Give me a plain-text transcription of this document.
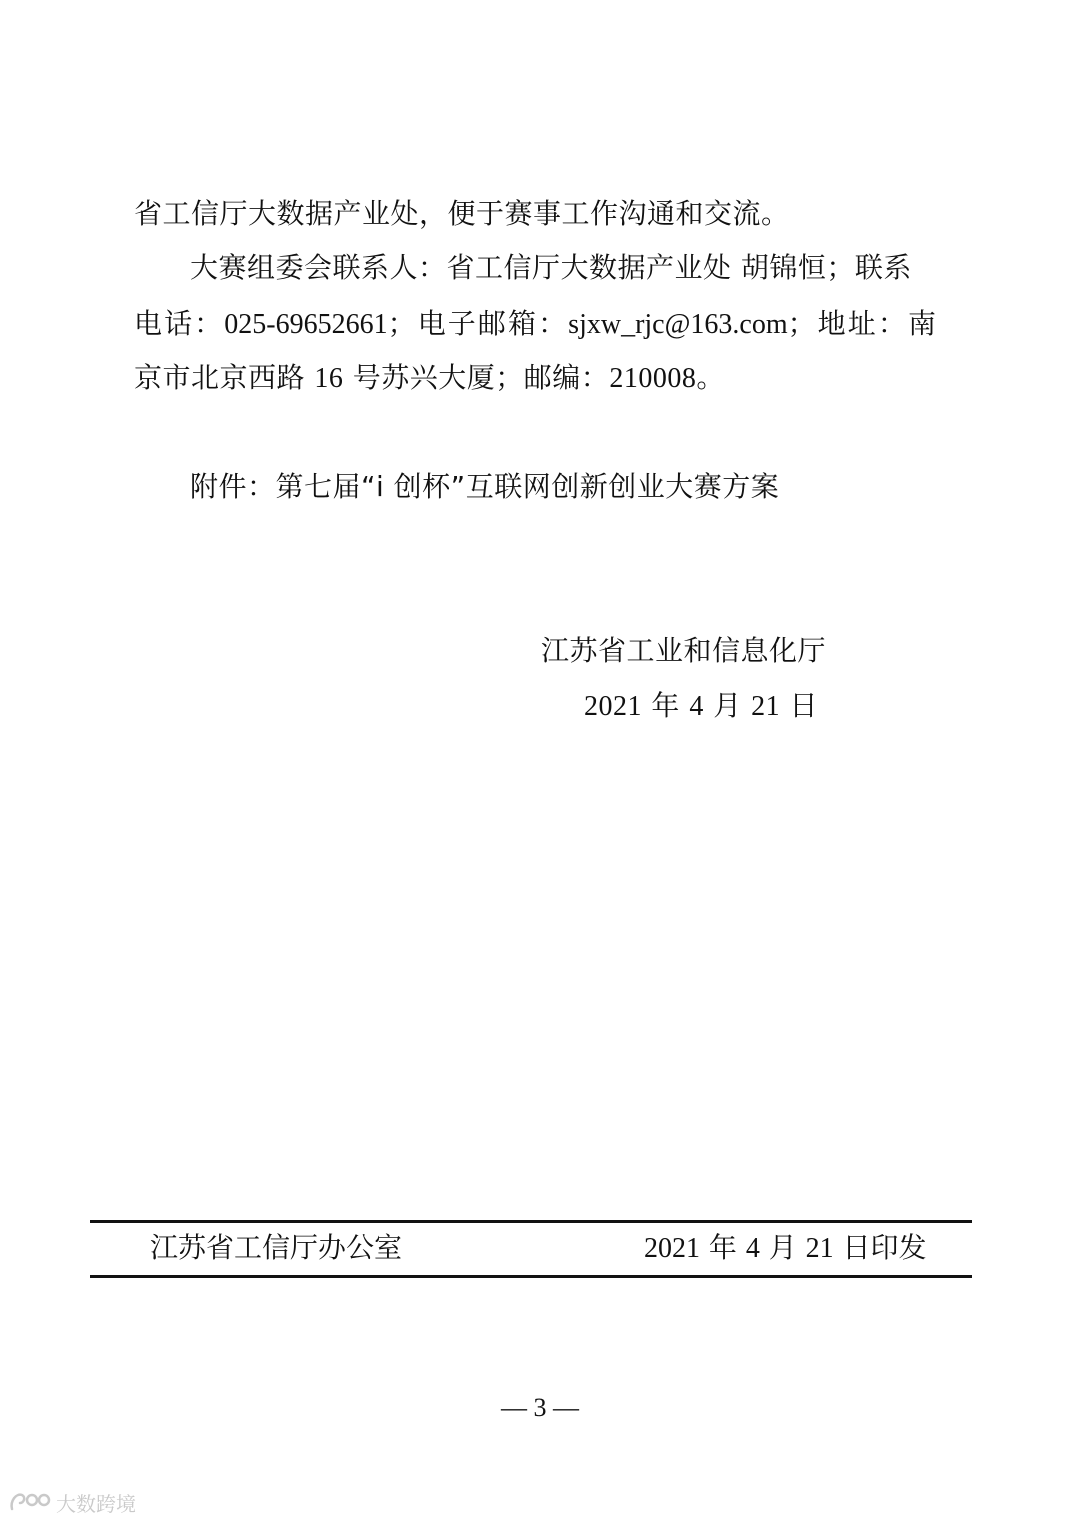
省工信厅大数据产业处，便于赛事工作沟通和交流。
大赛组委会联系人：省工信厅大数据产业处 胡锦恒；联系
电话：025-69652661；电子邮箱：sjxw_rjc@163.com；地址：南
京市北京西路 16 号苏兴大厦；邮编：210008。
附件：第七届“i 创杯”互联网创新创业大赛方案
江苏省工业和信息化厅
2021 年 4 月 21 日
江苏省工信厅办公室	2021 年 4 月 21 日印发
— 3 —
大数跨境
